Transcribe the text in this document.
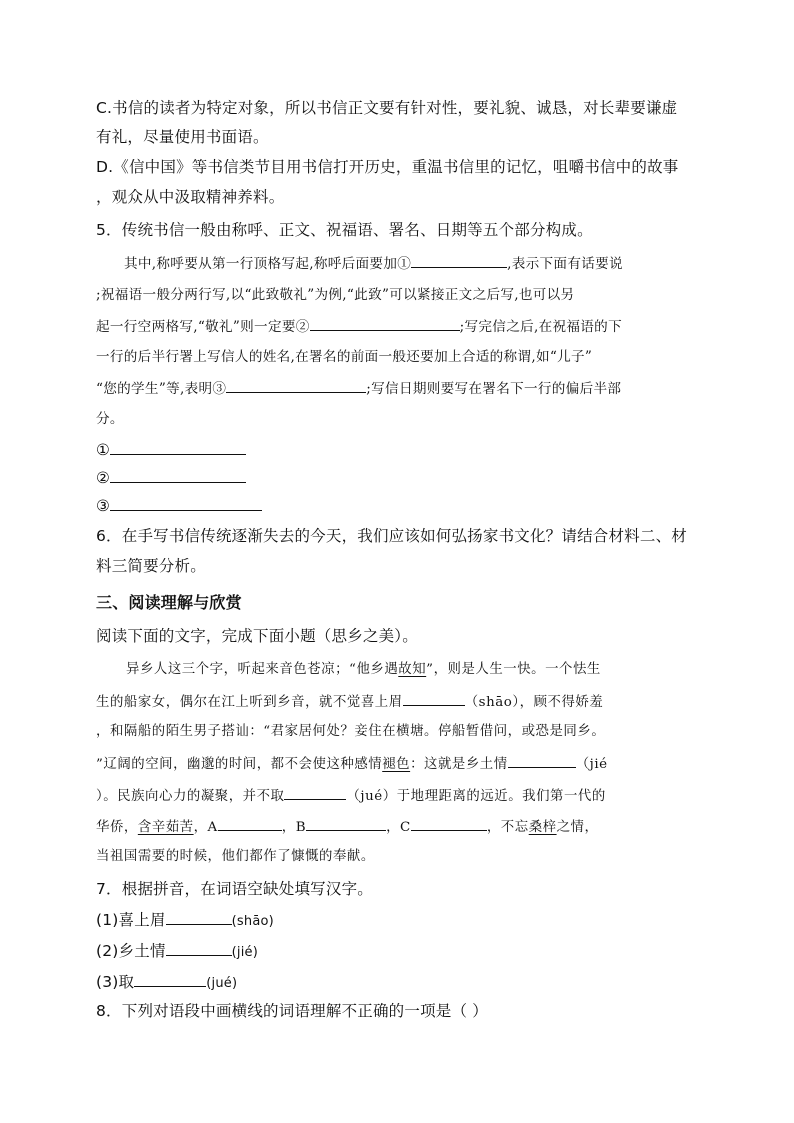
C.书信的读者为特定对象，所以书信正文要有针对性，要礼貌、诚恳，对长辈要谦虚
有礼，尽量使用书面语。
D.《信中国》等书信类节目用书信打开历史，重温书信里的记忆，咀嚼书信中的故事
，观众从中汲取精神养料。
5．传统书信一般由称呼、正文、祝福语、署名、日期等五个部分构成。
其中,称呼要从第一行顶格写起,称呼后面要加①	,表示下面有话要说
;祝福语一般分两行写,以“此致敬礼”为例,“此致”可以紧接正文之后写,也可以另
起一行空两格写,“敬礼”则一定要②	;写完信之后,在祝福语的下
一行的后半行署上写信人的姓名,在署名的前面一般还要加上合适的称谓,如“儿子”
“您的学生”等,表明③	;写信日期则要写在署名下一行的偏后半部
分。
①
②
③
6．在手写书信传统逐渐失去的今天，我们应该如何弘扬家书文化？请结合材料二、材
料三简要分析。
三、阅读理解与欣赏
阅读下面的文字，完成下面小题（思乡之美）。
异乡人这三个字，听起来音色苍凉；“他乡遇故知”，则是人生一快。一个怯生
生的船家女，偶尔在江上听到乡音，就不觉喜上眉	（shāo），顾不得娇羞
，和隔船的陌生男子搭讪：“君家居何处？妾住在横塘。停船暂借问，或恐是同乡。
”辽阔的空间，幽邈的时间，都不会使这种感情褪色：这就是乡土情	（jié
）。民族向心力的凝聚，并不取	（jué）于地理距离的远近。我们第一代的
华侨，含辛茹苦，A	，B	，C	，不忘桑梓之情，
当祖国需要的时候，他们都作了慷慨的奉献。
7．根据拼音，在词语空缺处填写汉字。
(1)喜上眉	(shāo)
(2)乡土情	(jié)
(3)取	(jué)
8．下列对语段中画横线的词语理解不正确的一项是（ ）
